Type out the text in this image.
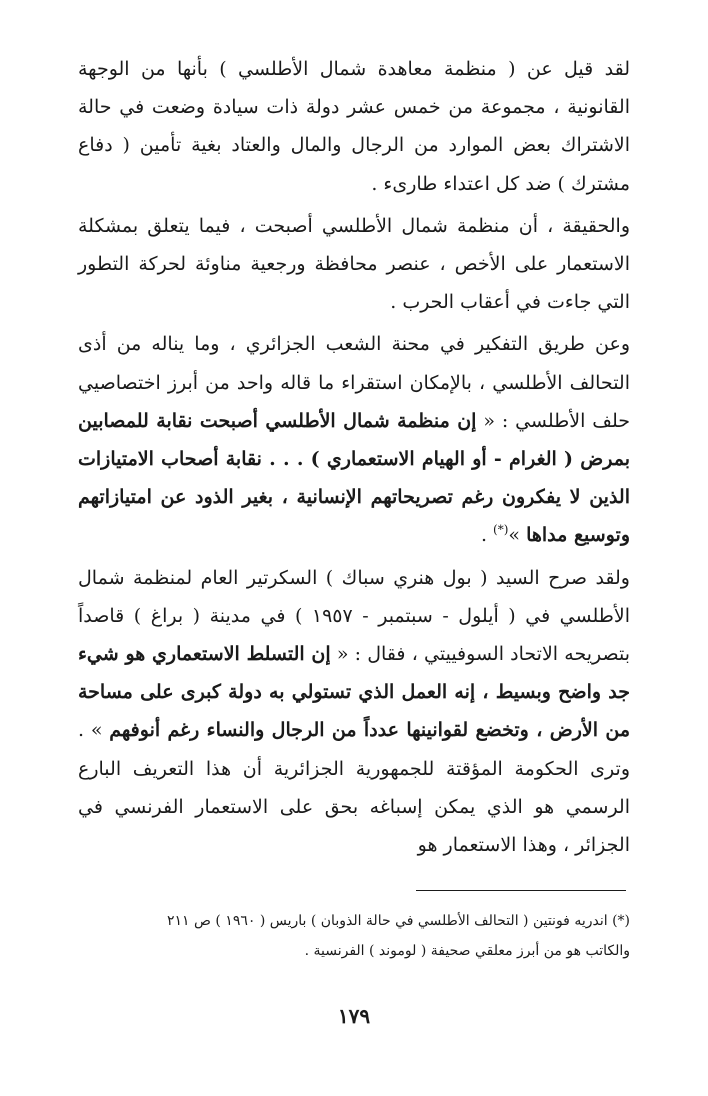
لقد قيل عن ( منظمة معاهدة شمال الأطلسي ) بأنها من الوجهة القانونية ، مجموعة من خمس عشر دولة ذات سيادة وضعت في حالة الاشتراك بعض الموارد من الرجال والمال والعتاد بغية تأمين ( دفاع مشترك ) ضد كل اعتداء طارىء .

والحقيقة ، أن منظمة شمال الأطلسي أصبحت ، فيما يتعلق بمشكلة الاستعمار على الأخص ، عنصر محافظة ورجعية مناوئة لحركة التطور التي جاءت في أعقاب الحرب .

وعن طريق التفكير في محنة الشعب الجزائري ، وما يناله من أذى التحالف الأطلسي ، بالإمكان استقراء ما قاله واحد من أبرز اختصاصيي حلف الأطلسي : « إن منظمة شمال الأطلسي أصبحت نقابة للمصابين بمرض ( الغرام - أو الهيام الاستعماري ) . . . نقابة أصحاب الامتيازات الذين لا يفكرون رغم تصريحاتهم الإنسانية ، بغير الذود عن امتيازاتهم وتوسيع مداها »(*) .

ولقد صرح السيد ( بول هنري سباك ) السكرتير العام لمنظمة شمال الأطلسي في ( أيلول - سبتمبر - ١٩٥٧ ) في مدينة ( براغ ) قاصداً بتصريحه الاتحاد السوفييتي ، فقال : « إن التسلط الاستعماري هو شيء جد واضح وبسيط ، إنه العمل الذي تستولي به دولة كبرى على مساحة من الأرض ، وتخضع لقوانينها عدداً من الرجال والنساء رغم أنوفهم » . وترى الحكومة المؤقتة للجمهورية الجزائرية أن هذا التعريف البارع الرسمي هو الذي يمكن إسباغه بحق على الاستعمار الفرنسي في الجزائر ، وهذا الاستعمار هو

(*) اندريه فونتين ( التحالف الأطلسي في حالة الذوبان ) باريس ( ١٩٦٠ ) ص ٢١١

والكاتب هو من أبرز معلقي صحيفة ( لوموند ) الفرنسية .

١٧٩
